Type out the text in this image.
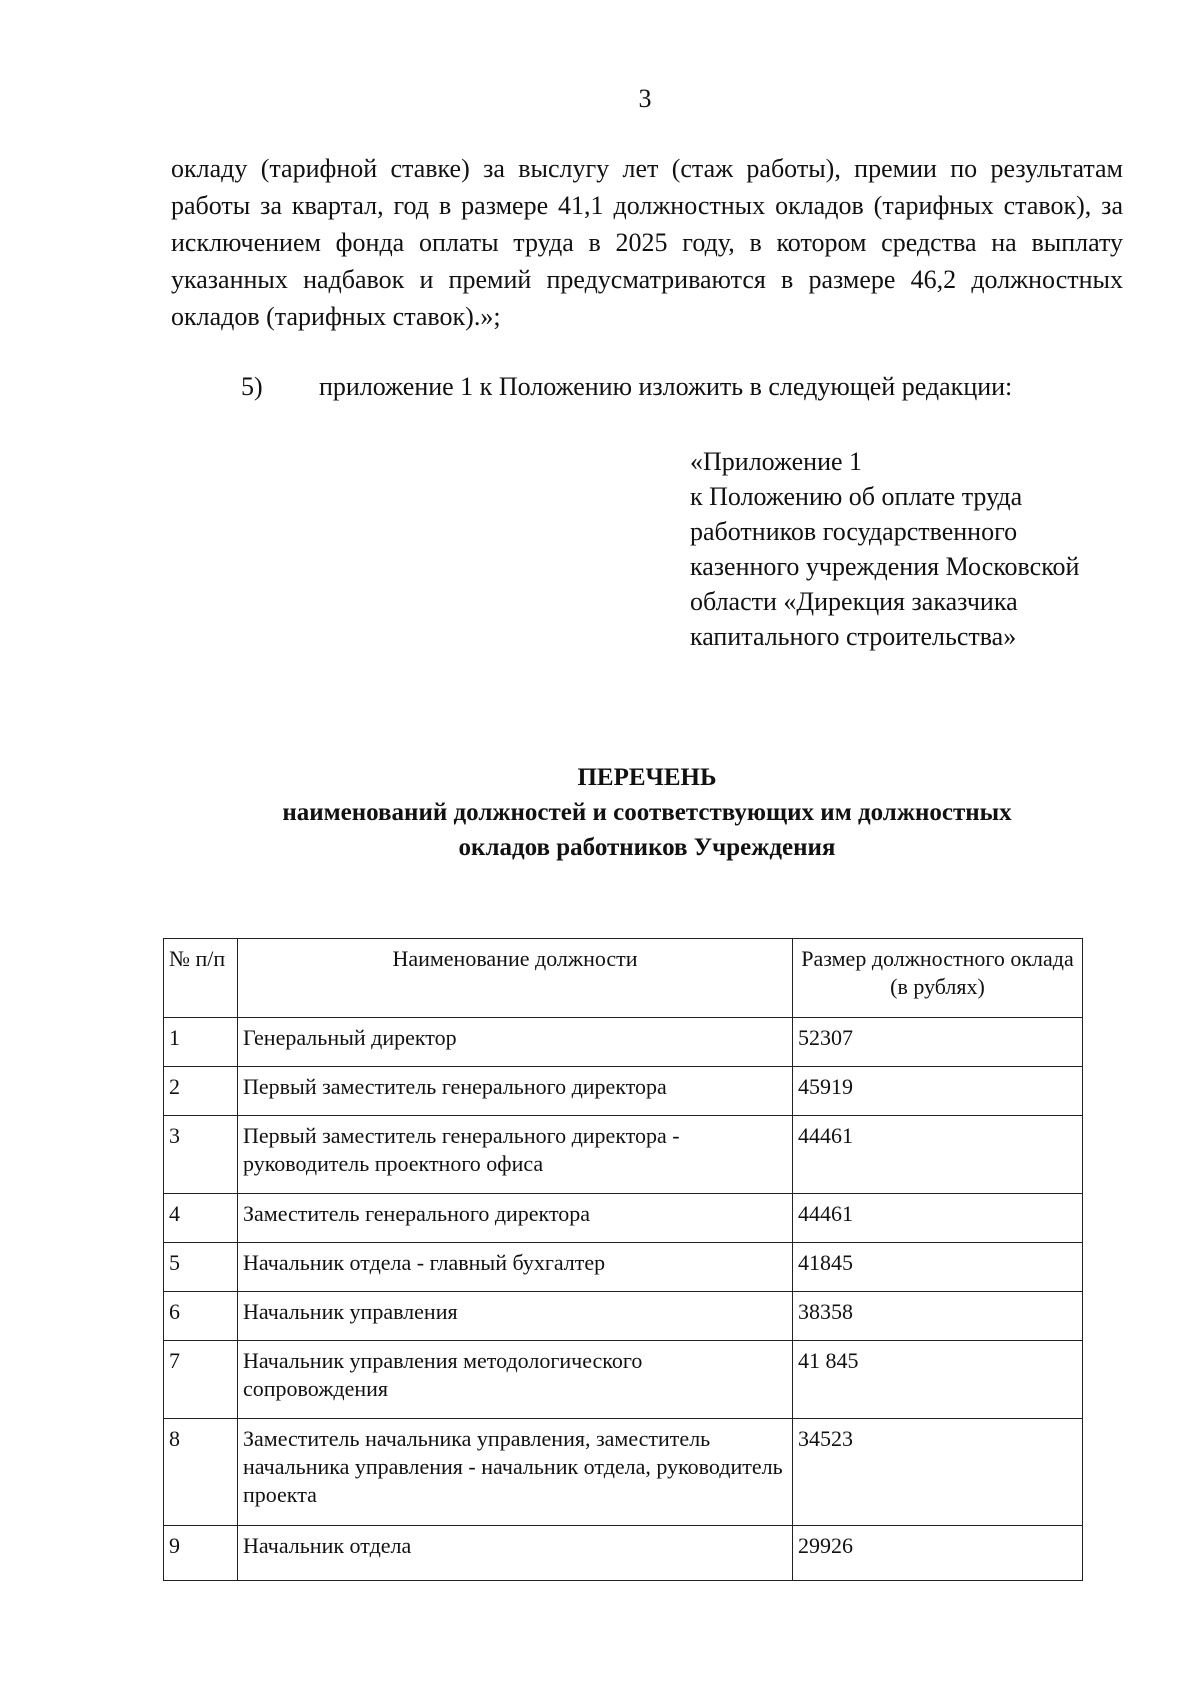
3

окладу (тарифной ставке) за выслугу лет (стаж работы), премии по результатам работы за квартал, год в размере 41,1 должностных окладов (тарифных ставок), за исключением фонда оплаты труда в 2025 году, в котором средства на выплату указанных надбавок и премий предусматриваются в размере 46,2 должностных окладов (тарифных ставок).»;

5) приложение 1 к Положению изложить в следующей редакции:
«Приложение 1
к Положению об оплате труда
работников государственного
казенного учреждения Московской
области «Дирекция заказчика
капитального строительства»
ПЕРЕЧЕНЬ
наименований должностей и соответствующих им должностных
окладов работников Учреждения
№ п/п	Наименование должности	Размер должностного оклада (в рублях)
1	Генеральный директор	52307
2	Первый заместитель генерального директора	45919
3	Первый заместитель генерального директора - руководитель проектного офиса	44461
4	Заместитель генерального директора	44461
5	Начальник отдела - главный бухгалтер	41845
6	Начальник управления	38358
7	Начальник управления методологического сопровождения	41 845
8	Заместитель начальника управления, заместитель начальника управления - начальник отдела, руководитель проекта	34523
9	Начальник отдела	29926
